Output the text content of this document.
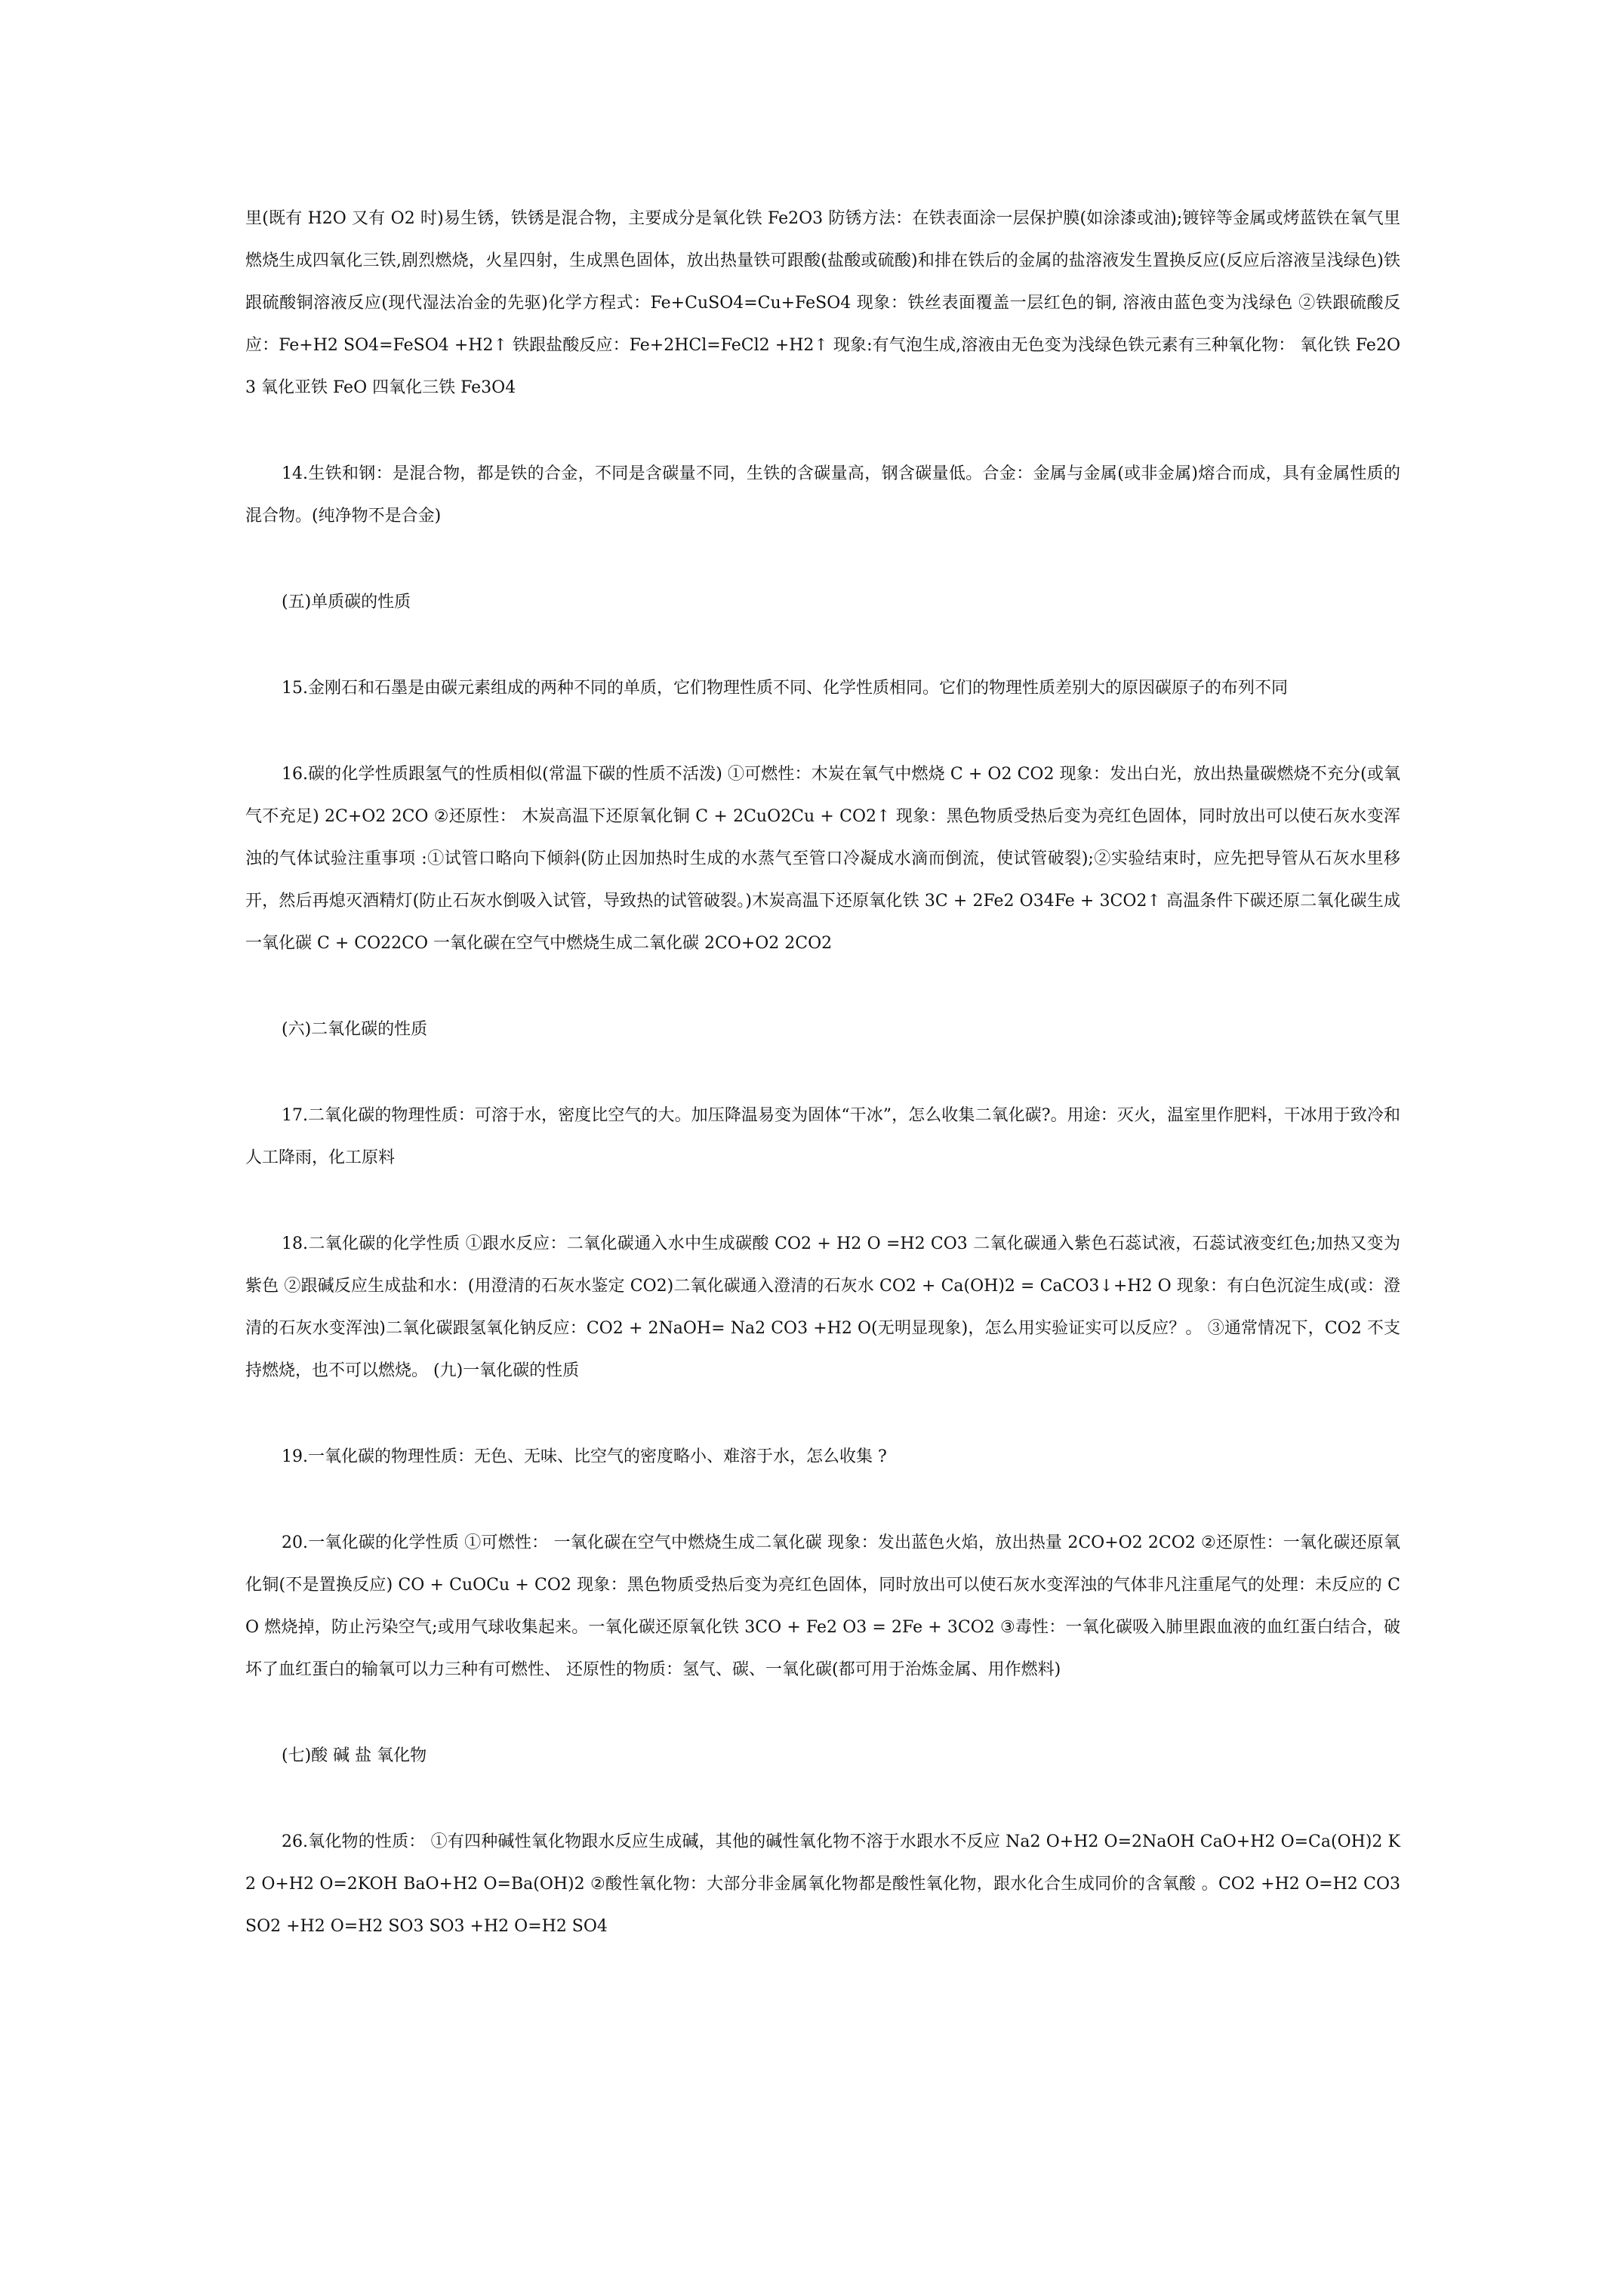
里(既有 H2O 又有 O2 时)易生锈，铁锈是混合物，主要成分是氧化铁 Fe2O3 防锈方法：在铁表面涂一层保护膜(如涂漆或油);镀锌等金属或烤蓝铁在氧气里燃烧生成四氧化三铁,剧烈燃烧，火星四射，生成黑色固体，放出热量铁可跟酸(盐酸或硫酸)和排在铁后的金属的盐溶液发生置换反应(反应后溶液呈浅绿色)铁跟硫酸铜溶液反应(现代湿法冶金的先驱)化学方程式：Fe+CuSO4=Cu+FeSO4 现象：铁丝表面覆盖一层红色的铜, 溶液由蓝色变为浅绿色 ②铁跟硫酸反应：Fe+H2 SO4=FeSO4 +H2↑ 铁跟盐酸反应：Fe+2HCl=FeCl2 +H2↑ 现象:有气泡生成,溶液由无色变为浅绿色铁元素有三种氧化物： 氧化铁 Fe2O3 氧化亚铁 FeO 四氧化三铁 Fe3O4

14.生铁和钢：是混合物，都是铁的合金，不同是含碳量不同，生铁的含碳量高，钢含碳量低。合金：金属与金属(或非金属)熔合而成，具有金属性质的混合物。(纯净物不是合金)

(五)单质碳的性质

15.金刚石和石墨是由碳元素组成的两种不同的单质，它们物理性质不同、化学性质相同。它们的物理性质差别大的原因碳原子的布列不同

16.碳的化学性质跟氢气的性质相似(常温下碳的性质不活泼) ①可燃性：木炭在氧气中燃烧 C + O2 CO2 现象：发出白光，放出热量碳燃烧不充分(或氧气不充足) 2C+O2 2CO ②还原性： 木炭高温下还原氧化铜 C + 2CuO2Cu + CO2↑ 现象：黑色物质受热后变为亮红色固体，同时放出可以使石灰水变浑浊的气体试验注重事项 :①试管口略向下倾斜(防止因加热时生成的水蒸气至管口冷凝成水滴而倒流，使试管破裂);②实验结束时，应先把导管从石灰水里移开，然后再熄灭酒精灯(防止石灰水倒吸入试管，导致热的试管破裂。)木炭高温下还原氧化铁 3C + 2Fe2 O34Fe + 3CO2↑ 高温条件下碳还原二氧化碳生成一氧化碳 C + CO22CO 一氧化碳在空气中燃烧生成二氧化碳 2CO+O2 2CO2

(六)二氧化碳的性质

17.二氧化碳的物理性质：可溶于水，密度比空气的大。加压降温易变为固体“干冰”，怎么收集二氧化碳?。用途：灭火，温室里作肥料，干冰用于致冷和人工降雨，化工原料

18.二氧化碳的化学性质 ①跟水反应：二氧化碳通入水中生成碳酸 CO2 + H2 O =H2 CO3 二氧化碳通入紫色石蕊试液，石蕊试液变红色;加热又变为紫色 ②跟碱反应生成盐和水：(用澄清的石灰水鉴定 CO2)二氧化碳通入澄清的石灰水 CO2 + Ca(OH)2 = CaCO3↓+H2 O 现象：有白色沉淀生成(或：澄清的石灰水变浑浊)二氧化碳跟氢氧化钠反应：CO2 + 2NaOH= Na2 CO3 +H2 O(无明显现象)，怎么用实验证实可以反应？。 ③通常情况下，CO2 不支持燃烧，也不可以燃烧。 (九)一氧化碳的性质

19.一氧化碳的物理性质：无色、无味、比空气的密度略小、难溶于水，怎么收集 ?

20.一氧化碳的化学性质 ①可燃性： 一氧化碳在空气中燃烧生成二氧化碳 现象：发出蓝色火焰，放出热量 2CO+O2 2CO2 ②还原性：一氧化碳还原氧化铜(不是置换反应) CO + CuOCu + CO2 现象：黑色物质受热后变为亮红色固体，同时放出可以使石灰水变浑浊的气体非凡注重尾气的处理：未反应的 CO 燃烧掉，防止污染空气;或用气球收集起来。一氧化碳还原氧化铁 3CO + Fe2 O3 = 2Fe + 3CO2 ③毒性：一氧化碳吸入肺里跟血液的血红蛋白结合，破坏了血红蛋白的输氧可以力三种有可燃性、 还原性的物质：氢气、碳、一氧化碳(都可用于治炼金属、用作燃料)

(七)酸 碱 盐 氧化物

26.氧化物的性质： ①有四种碱性氧化物跟水反应生成碱，其他的碱性氧化物不溶于水跟水不反应 Na2 O+H2 O=2NaOH CaO+H2 O=Ca(OH)2 K2 O+H2 O=2KOH BaO+H2 O=Ba(OH)2 ②酸性氧化物：大部分非金属氧化物都是酸性氧化物，跟水化合生成同价的含氧酸 。CO2 +H2 O=H2 CO3 SO2 +H2 O=H2 SO3 SO3 +H2 O=H2 SO4
